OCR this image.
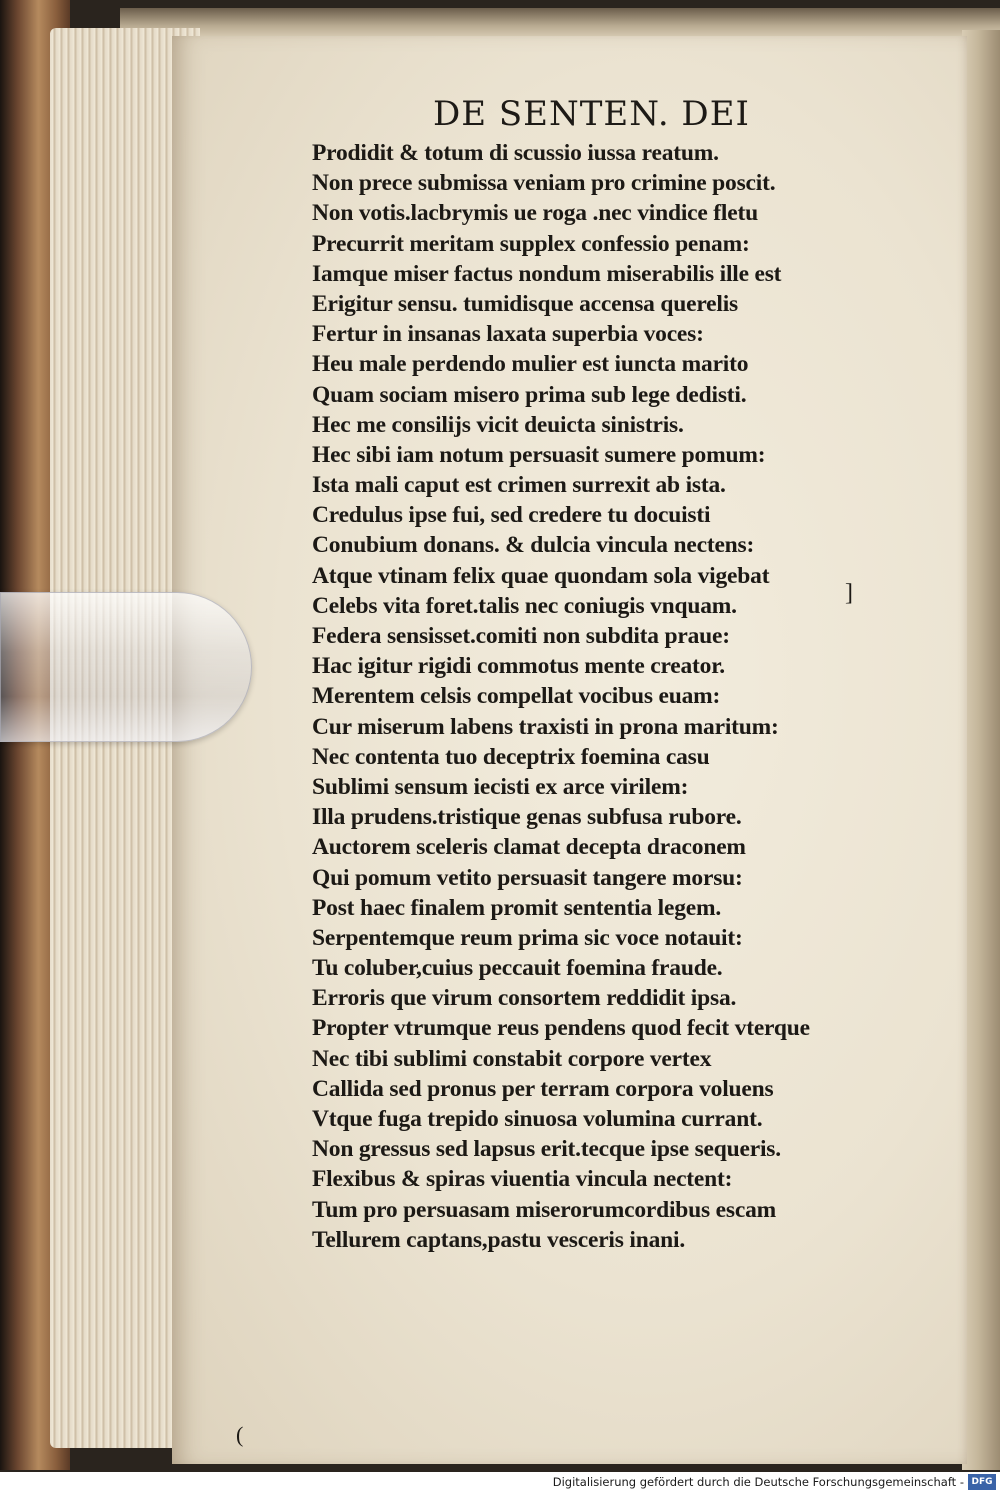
DE SENTEN. DEI
Prodidit & totum di scussio iussa reatum.
Non prece submissa veniam pro crimine poscit.
Non votis.lacbrymis ue roga .nec vindice fletu
Precurrit meritam supplex confessio penam:
Iamque miser factus nondum miserabilis ille est
Erigitur sensu. tumidisque accensa querelis
Fertur in insanas laxata superbia voces:
Heu male perdendo mulier est iuncta marito
Quam sociam misero prima sub lege dedisti.
Hec me consilijs vicit deuicta sinistris.
Hec sibi iam notum persuasit sumere pomum:
Ista mali caput est crimen surrexit ab ista.
Credulus ipse fui, sed credere tu docuisti
Conubium donans. & dulcia vincula nectens:
Atque vtinam felix quae quondam sola vigebat
Celebs vita foret.talis nec coniugis vnquam.
Federa sensisset.comiti non subdita praue:
Hac igitur rigidi commotus mente creator.
Merentem celsis compellat vocibus euam:
Cur miserum labens traxisti in prona maritum:
Nec contenta tuo deceptrix foemina casu
Sublimi sensum iecisti ex arce virilem:
Illa prudens.tristique genas subfusa rubore.
Auctorem sceleris clamat decepta draconem
Qui pomum vetito persuasit tangere morsu:
Post haec finalem promit sententia legem.
Serpentemque reum prima sic voce notauit:
Tu coluber,cuius peccauit foemina fraude.
Erroris que virum consortem reddidit ipsa.
Propter vtrumque reus pendens quod fecit vterque
Nec tibi sublimi constabit corpore vertex
Callida sed pronus per terram corpora voluens
Vtque fuga trepido sinuosa volumina currant.
Non gressus sed lapsus erit.tecque ipse sequeris.
Flexibus & spiras viuentia vincula nectent:
Tum pro persuasam miserorumcordibus escam
Tellurem captans,pastu vesceris inani.
]
(
Digitalisierung gefördert durch die Deutsche Forschungsgemeinschaft - DFG
